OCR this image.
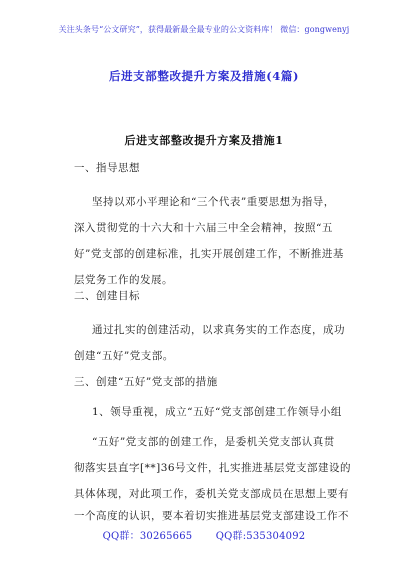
关注头条号“公文研究”，获得最新最全最专业的公文资料库！ 微信：gongwenyj
后进支部整改提升方案及措施(4篇)
后进支部整改提升方案及措施1
一、指导思想
坚持以邓小平理论和“三个代表”重要思想为指导，
深入贯彻党的十六大和十六届三中全会精神，按照“五
好”党支部的创建标准，扎实开展创建工作，不断推进基
层党务工作的发展。
二、创建目标
通过扎实的创建活动，以求真务实的工作态度，成功
创建“五好”党支部。
三、创建“五好”党支部的措施
1、领导重视，成立“五好“党支部创建工作领导小组
“五好”党支部的创建工作，是委机关党支部认真贯
彻落实县直字[**]36号文件，扎实推进基层党支部建设的
具体体现，对此项工作，委机关党支部成员在思想上要有
一个高度的认识，要本着切实推进基层党支部建设工作不
QQ群：30265665 QQ群:535304092
